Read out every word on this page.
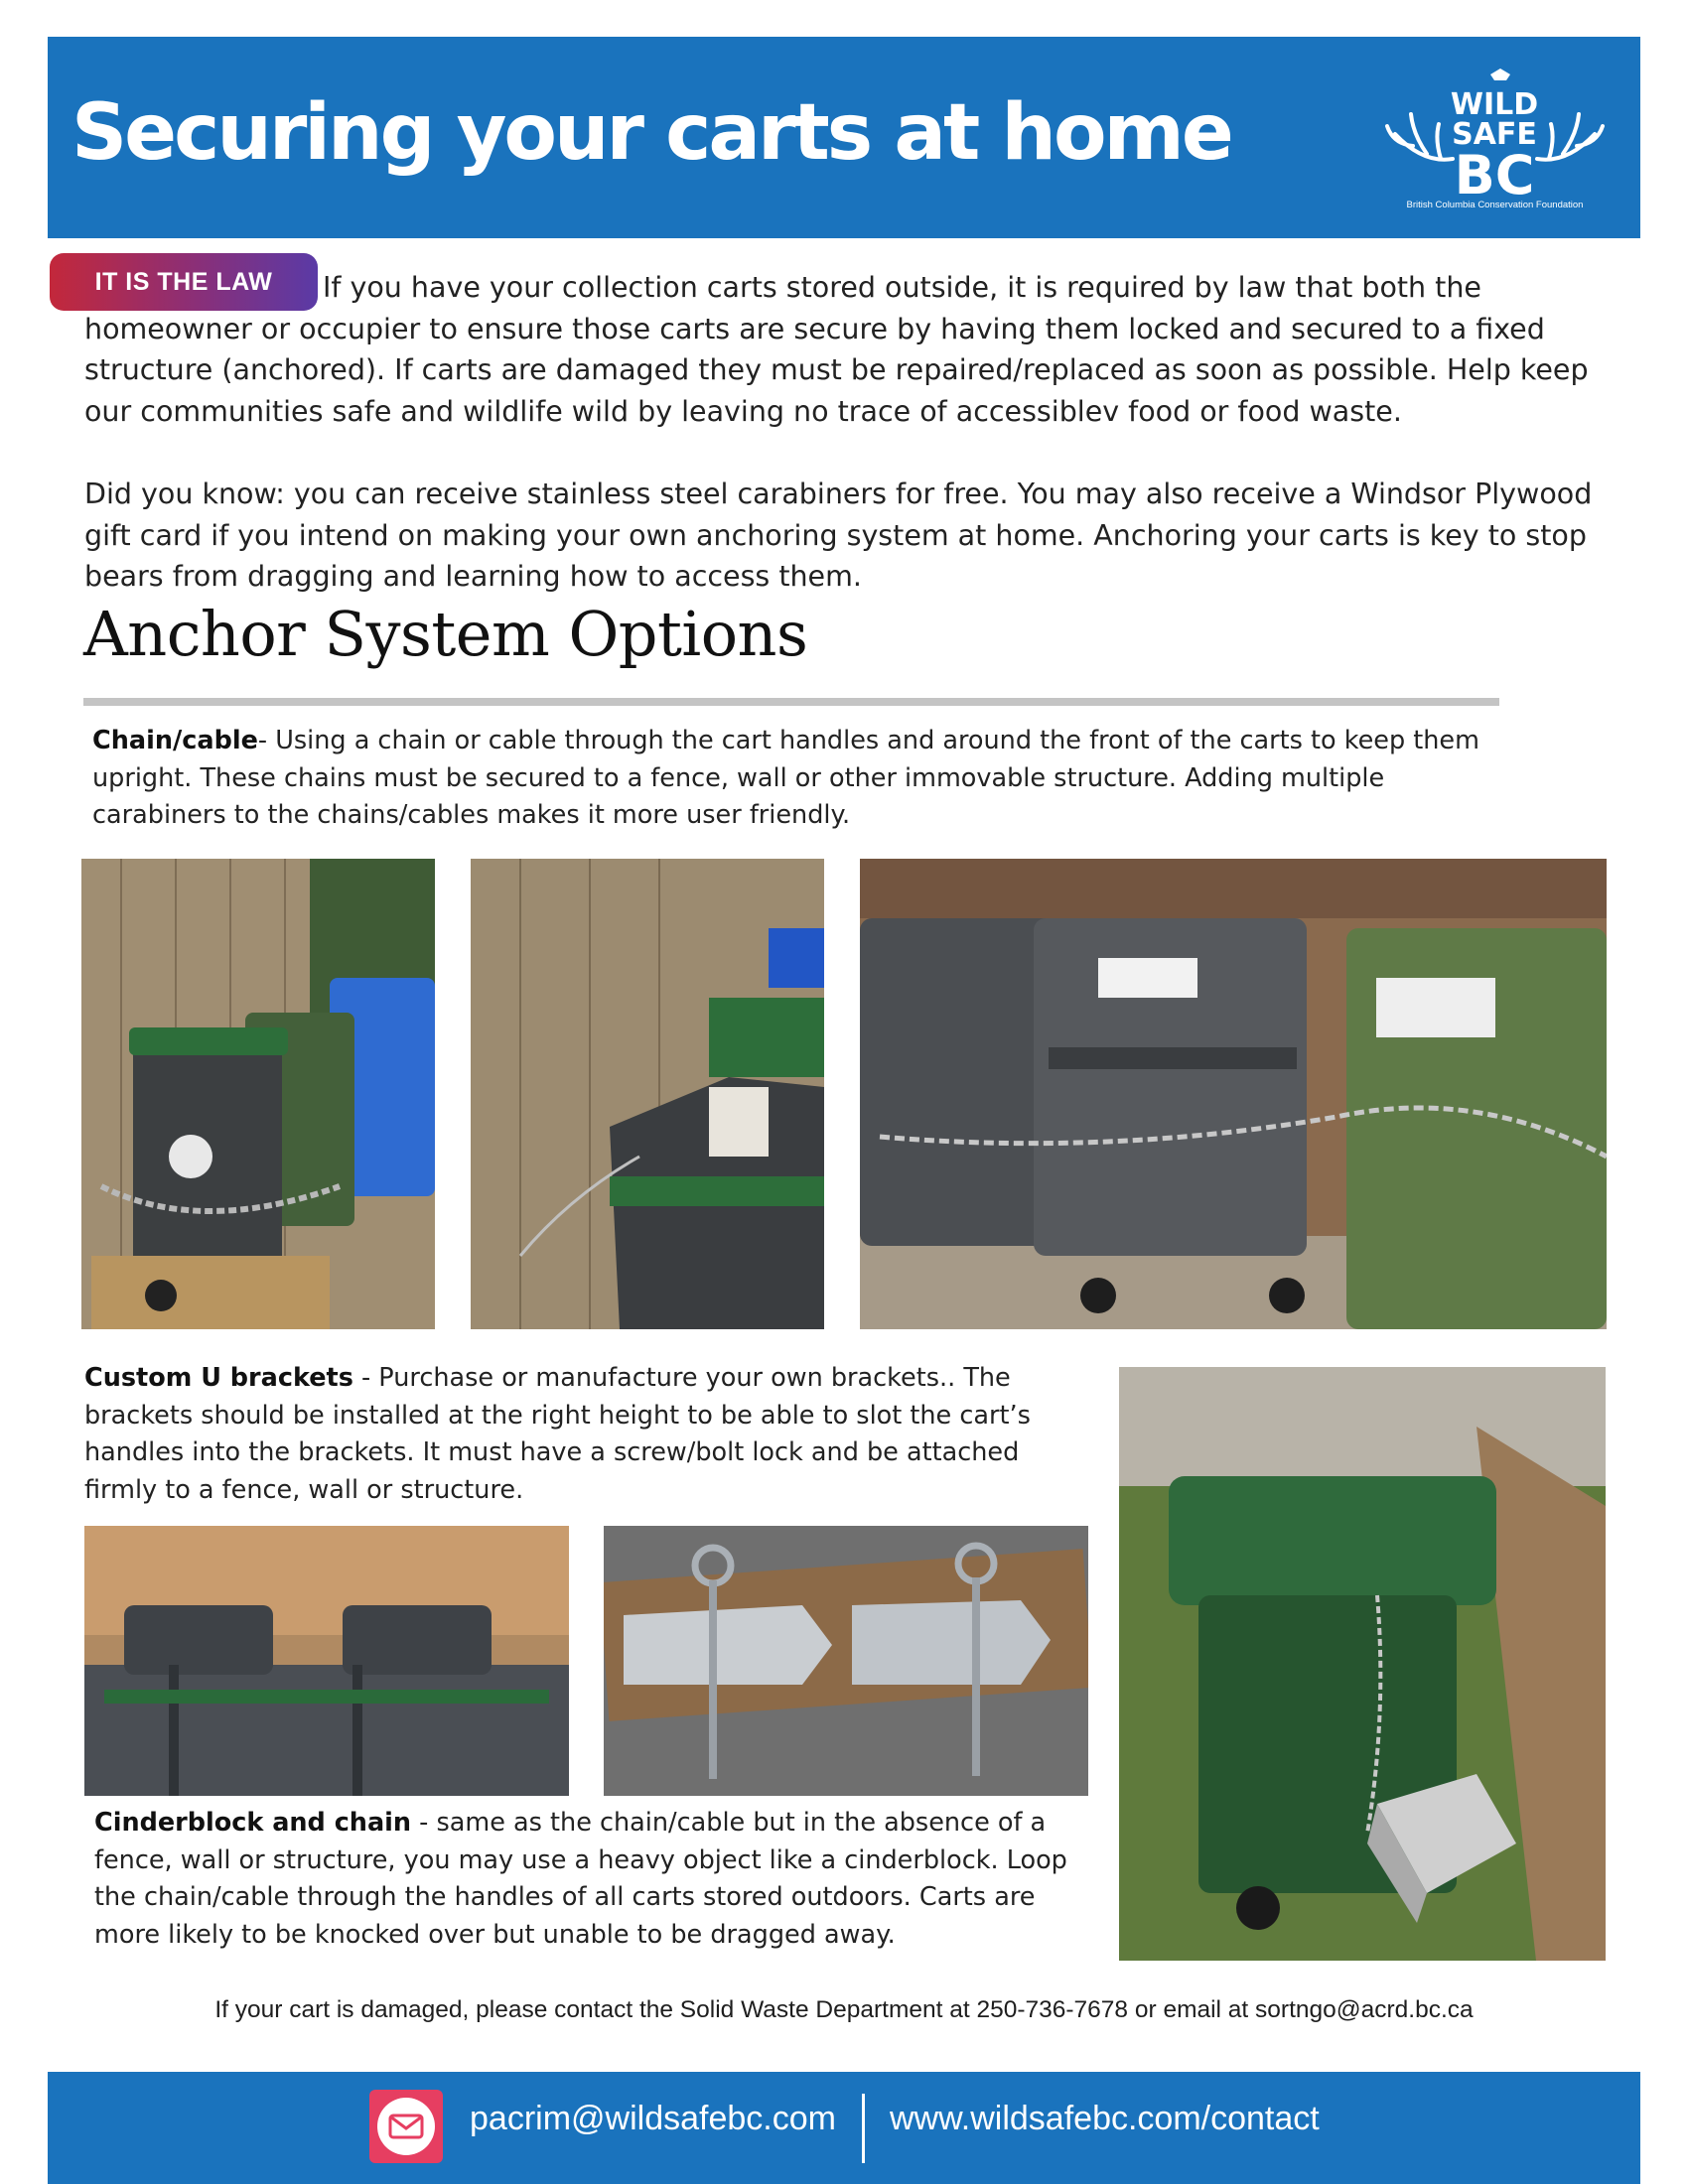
Securing your carts at home	WILD
SAFE
BC
British Columbia Conservation Foundation

If you have your collection carts stored outside, it is required by law that both the homeowner or occupier to ensure those carts are secure by having them locked and secured to a fixed structure (anchored). If carts are damaged they must be repaired/replaced as soon as possible. Help keep our communities safe and wildlife wild by leaving no trace of accessiblev food or food waste.

IT IS THE LAW

Did you know: you can receive stainless steel carabiners for free. You may also receive a Windsor Plywood gift card if you intend on making your own anchoring system at home. Anchoring your carts is key to stop bears from dragging and learning how to access them.

Anchor System Options

Chain/cable- Using a chain or cable through the cart handles and around the front of the carts to keep them upright. These chains must be secured to a fence, wall or other immovable structure. Adding multiple carabiners to the chains/cables makes it more user friendly.

Custom U brackets - Purchase or manufacture your own brackets.. The brackets should be installed at the right height to be able to slot the cart’s handles into the brackets. It must have a screw/bolt lock and be attached firmly to a fence, wall or structure.

Cinderblock and chain - same as the chain/cable but in the absence of a fence, wall or structure, you may use a heavy object like a cinderblock. Loop the chain/cable through the handles of all carts stored outdoors. Carts are more likely to be knocked over but unable to be dragged away.

If your cart is damaged, please contact the Solid Waste Department at 250-736-7678 or email at sortngo@acrd.bc.ca

pacrim@wildsafebc.com www.wildsafebc.com/contact
